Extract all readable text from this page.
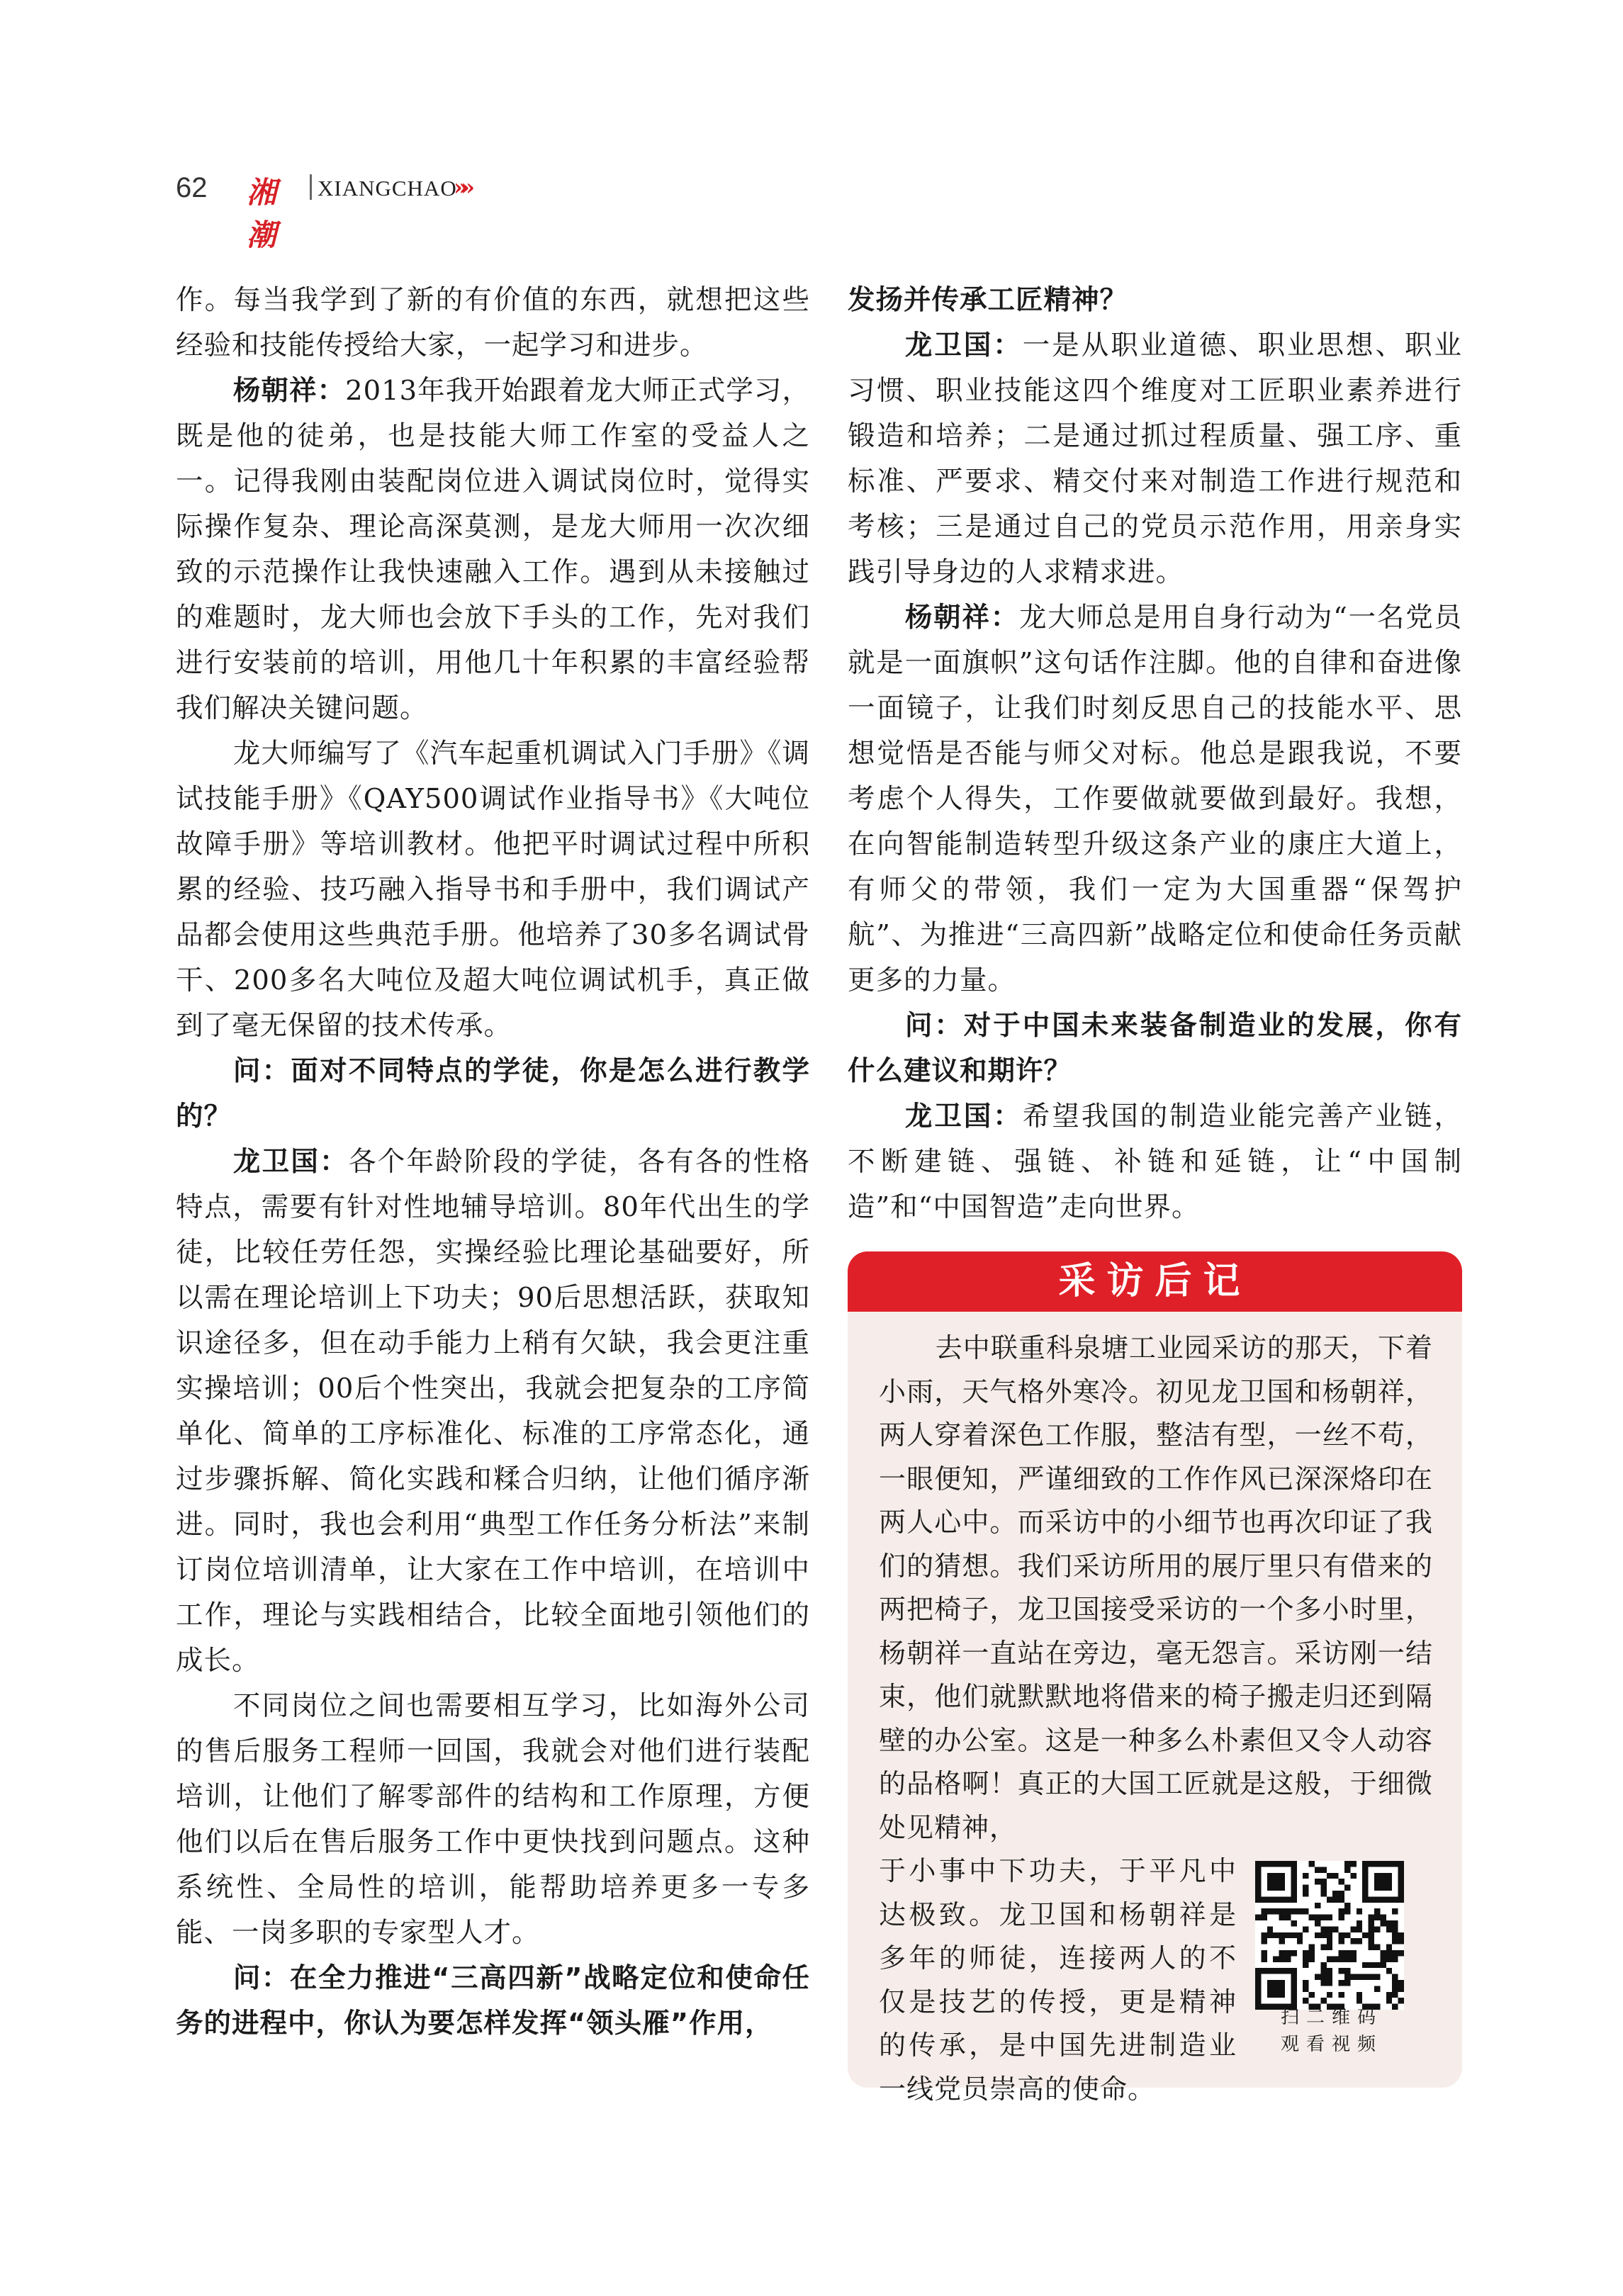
62 湘潮
XIANGCHAO
»»

作。每当我学到了新的有价值的东西，就想把这些经验和技能传授给大家，一起学习和进步。

杨朝祥：2013年我开始跟着龙大师正式学习，既是他的徒弟，也是技能大师工作室的受益人之一。记得我刚由装配岗位进入调试岗位时，觉得实际操作复杂、理论高深莫测，是龙大师用一次次细致的示范操作让我快速融入工作。遇到从未接触过的难题时，龙大师也会放下手头的工作，先对我们进行安装前的培训，用他几十年积累的丰富经验帮我们解决关键问题。

龙大师编写了《汽车起重机调试入门手册》《调试技能手册》《QAY500调试作业指导书》《大吨位故障手册》等培训教材。他把平时调试过程中所积累的经验、技巧融入指导书和手册中，我们调试产品都会使用这些典范手册。他培养了30多名调试骨干、200多名大吨位及超大吨位调试机手，真正做到了毫无保留的技术传承。

问：面对不同特点的学徒，你是怎么进行教学的？

龙卫国：各个年龄阶段的学徒，各有各的性格特点，需要有针对性地辅导培训。80年代出生的学徒，比较任劳任怨，实操经验比理论基础要好，所以需在理论培训上下功夫；90后思想活跃，获取知识途径多，但在动手能力上稍有欠缺，我会更注重实操培训；00后个性突出，我就会把复杂的工序简单化、简单的工序标准化、标准的工序常态化，通过步骤拆解、简化实践和糅合归纳，让他们循序渐进。同时，我也会利用“典型工作任务分析法”来制订岗位培训清单，让大家在工作中培训，在培训中工作，理论与实践相结合，比较全面地引领他们的成长。

不同岗位之间也需要相互学习，比如海外公司的售后服务工程师一回国，我就会对他们进行装配培训，让他们了解零部件的结构和工作原理，方便他们以后在售后服务工作中更快找到问题点。这种系统性、全局性的培训，能帮助培养更多一专多能、一岗多职的专家型人才。

问：在全力推进“三高四新”战略定位和使命任务的进程中，你认为要怎样发挥“领头雁”作用，

发扬并传承工匠精神？

龙卫国：一是从职业道德、职业思想、职业习惯、职业技能这四个维度对工匠职业素养进行锻造和培养；二是通过抓过程质量、强工序、重标准、严要求、精交付来对制造工作进行规范和考核；三是通过自己的党员示范作用，用亲身实践引导身边的人求精求进。

杨朝祥：龙大师总是用自身行动为“一名党员就是一面旗帜”这句话作注脚。他的自律和奋进像一面镜子，让我们时刻反思自己的技能水平、思想觉悟是否能与师父对标。他总是跟我说，不要考虑个人得失，工作要做就要做到最好。我想，在向智能制造转型升级这条产业的康庄大道上，有师父的带领，我们一定为大国重器“保驾护航”、为推进“三高四新”战略定位和使命任务贡献更多的力量。

问：对于中国未来装备制造业的发展，你有什么建议和期许？

龙卫国：希望我国的制造业能完善产业链，不断建链、强链、补链和延链，让“中国制造”和“中国智造”走向世界。

采访后记
去中联重科泉塘工业园采访的那天，下着小雨，天气格外寒冷。初见龙卫国和杨朝祥，两人穿着深色工作服，整洁有型，一丝不苟，一眼便知，严谨细致的工作作风已深深烙印在两人心中。而采访中的小细节也再次印证了我们的猜想。我们采访所用的展厅里只有借来的两把椅子，龙卫国接受采访的一个多小时里，杨朝祥一直站在旁边，毫无怨言。采访刚一结束，他们就默默地将借来的椅子搬走归还到隔壁的办公室。这是一种多么朴素但又令人动容的品格啊！真正的大国工匠就是这般，于细微处见精神，
于小事中下功夫，于平凡中达极致。龙卫国和杨朝祥是多年的师徒，连接两人的不仅是技艺的传授，更是精神的传承，是中国先进制造业一线党员崇高的使命。
扫二维码
观看视频
